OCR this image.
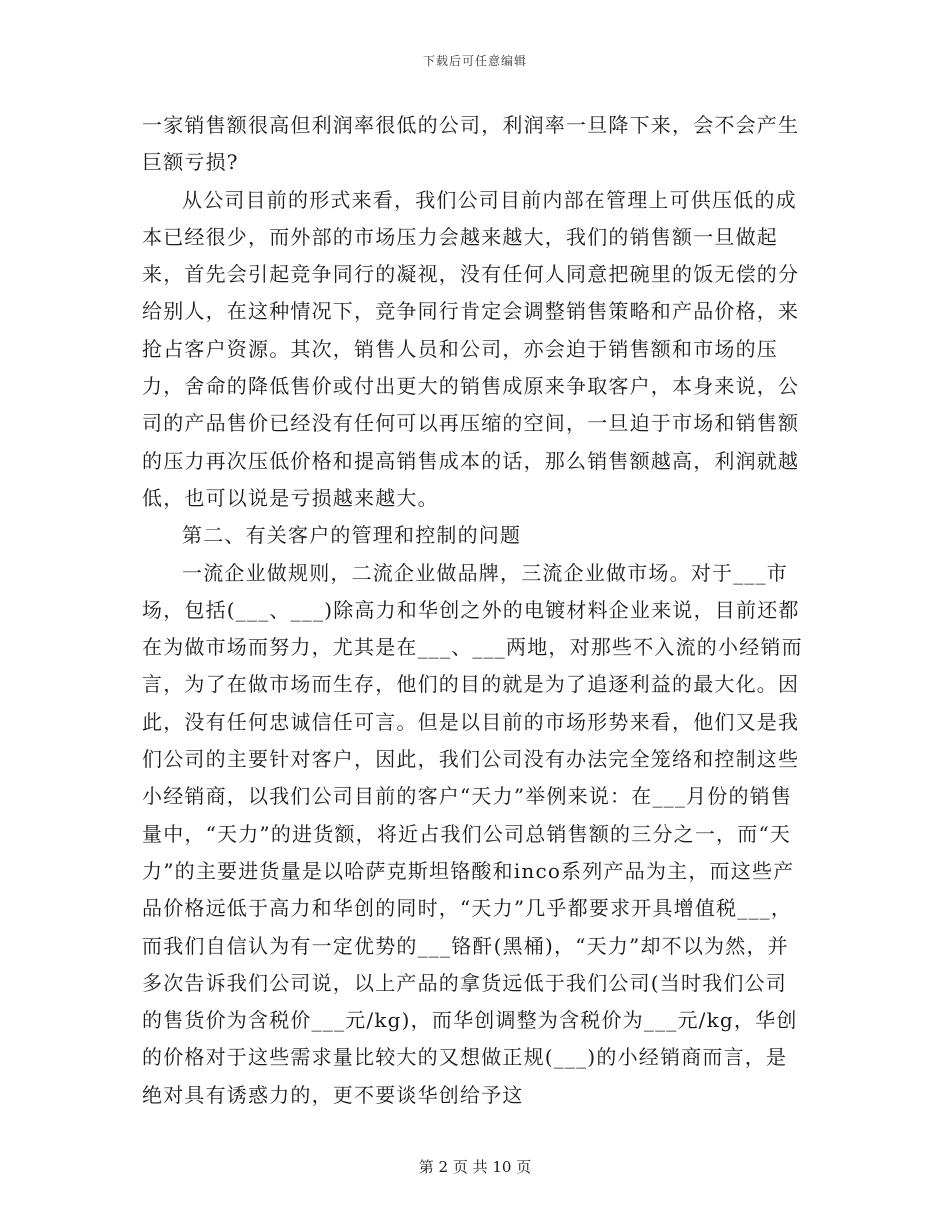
下载后可任意编辑

一家销售额很高但利润率很低的公司，利润率一旦降下来，会不会产生巨额亏损?

从公司目前的形式来看，我们公司目前内部在管理上可供压低的成本已经很少，而外部的市场压力会越来越大，我们的销售额一旦做起来，首先会引起竞争同行的凝视，没有任何人同意把碗里的饭无偿的分给别人，在这种情况下，竞争同行肯定会调整销售策略和产品价格，来抢占客户资源。其次，销售人员和公司，亦会迫于销售额和市场的压力，舍命的降低售价或付出更大的销售成原来争取客户，本身来说，公司的产品售价已经没有任何可以再压缩的空间，一旦迫于市场和销售额的压力再次压低价格和提高销售成本的话，那么销售额越高，利润就越低，也可以说是亏损越来越大。

第二、有关客户的管理和控制的问题

一流企业做规则，二流企业做品牌，三流企业做市场。对于___市场，包括(___、___)除高力和华创之外的电镀材料企业来说，目前还都在为做市场而努力，尤其是在___、___两地，对那些不入流的小经销而言，为了在做市场而生存，他们的目的就是为了追逐利益的最大化。因此，没有任何忠诚信任可言。但是以目前的市场形势来看，他们又是我们公司的主要针对客户，因此，我们公司没有办法完全笼络和控制这些小经销商，以我们公司目前的客户“天力”举例来说：在___月份的销售量中，“天力”的进货额，将近占我们公司总销售额的三分之一，而“天力”的主要进货量是以哈萨克斯坦铬酸和inco系列产品为主，而这些产品价格远低于高力和华创的同时，“天力”几乎都要求开具增值税___，而我们自信认为有一定优势的___铬酐(黑桶)，“天力”却不以为然，并多次告诉我们公司说，以上产品的拿货远低于我们公司(当时我们公司的售货价为含税价___元/kg)，而华创调整为含税价为___元/kg，华创的价格对于这些需求量比较大的又想做正规(___)的小经销商而言，是绝对具有诱惑力的，更不要谈华创给予这

第 2 页 共 10 页
